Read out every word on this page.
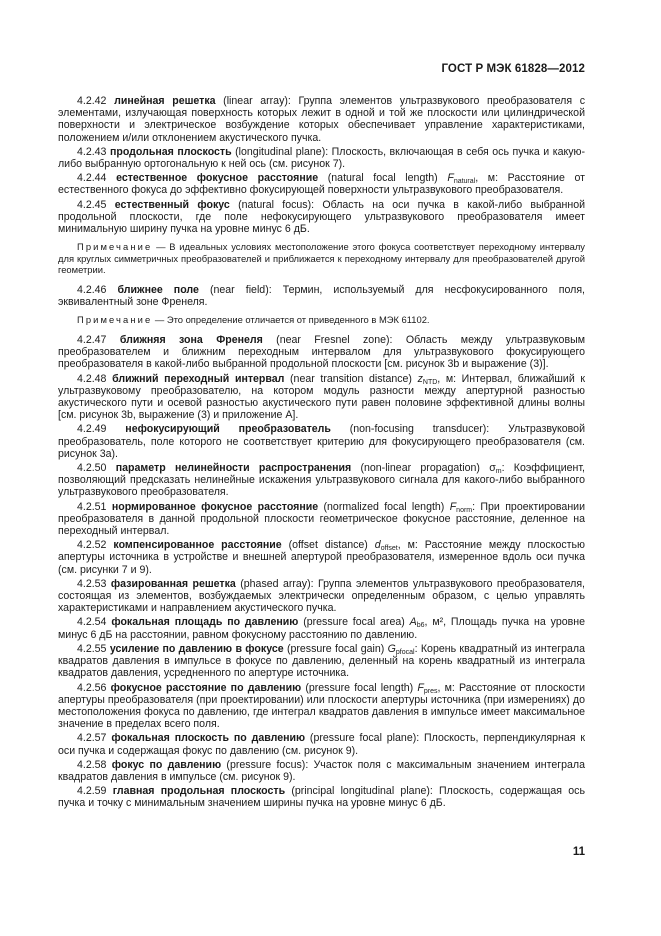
ГОСТ Р МЭК 61828—2012

4.2.42 линейная решетка (linear array): Группа элементов ультразвукового преобразователя с элементами, излучающая поверхность которых лежит в одной и той же плоскости или цилиндрической поверхности и электрическое возбуждение которых обеспечивает управление характеристиками, положением и/или отклонением акустического пучка.

4.2.43 продольная плоскость (longitudinal plane): Плоскость, включающая в себя ось пучка и какую-либо выбранную ортогональную к ней ось (см. рисунок 7).

4.2.44 естественное фокусное расстояние (natural focal length) $F_{natural}$, м: Расстояние от естественного фокуса до эффективно фокусирующей поверхности ультразвукового преобразователя.

4.2.45 естественный фокус (natural focus): Область на оси пучка в какой-либо выбранной продольной плоскости, где поле нефокусирующего ультразвукового преобразователя имеет минимальную ширину пучка на уровне минус 6 дБ.

Примечание — В идеальных условиях местоположение этого фокуса соответствует переходному интервалу для круглых симметричных преобразователей и приближается к переходному интервалу для преобразователей другой геометрии.

4.2.46 ближнее поле (near field): Термин, используемый для несфокусированного поля, эквивалентный зоне Френеля.

Примечание — Это определение отличается от приведенного в МЭК 61102.

4.2.47 ближняя зона Френеля (near Fresnel zone): Область между ультразвуковым преобразователем и ближним переходным интервалом для ультразвукового фокусирующего преобразователя в какой-либо выбранной продольной плоскости [см. рисунок 3b и выражение (3)].

4.2.48 ближний переходный интервал (near transition distance) $z_{NTD}$, м: Интервал, ближайший к ультразвуковому преобразователю, на котором модуль разности между апертурной разностью акустического пути и осевой разностью акустического пути равен половине эффективной длины волны [см. рисунок 3b, выражение (3) и приложение А].

4.2.49 нефокусирующий преобразователь (non-focusing transducer): Ультразвуковой преобразователь, поле которого не соответствует критерию для фокусирующего преобразователя (см. рисунок 3a).

4.2.50 параметр нелинейности распространения (non-linear propagation) $\sigma_m$: Коэффициент, позволяющий предсказать нелинейные искажения ультразвукового сигнала для какого-либо выбранного ультразвукового преобразователя.

4.2.51 нормированное фокусное расстояние (normalized focal length) $F_{norm}$: При проектировании преобразователя в данной продольной плоскости геометрическое фокусное расстояние, деленное на переходный интервал.

4.2.52 компенсированное расстояние (offset distance) $d_{offset}$, м: Расстояние между плоскостью апертуры источника в устройстве и внешней апертурой преобразователя, измеренное вдоль оси пучка (см. рисунки 7 и 9).

4.2.53 фазированная решетка (phased array): Группа элементов ультразвукового преобразователя, состоящая из элементов, возбуждаемых электрически определенным образом, с целью управлять характеристиками и направлением акустического пучка.

4.2.54 фокальная площадь по давлению (pressure focal area) $A_{b6}$, м², Площадь пучка на уровне минус 6 дБ на расстоянии, равном фокусному расстоянию по давлению.

4.2.55 усиление по давлению в фокусе (pressure focal gain) $G_{pfocal}$: Корень квадратный из интеграла квадратов давления в импульсе в фокусе по давлению, деленный на корень квадратный из интеграла квадратов давления, усредненного по апертуре источника.

4.2.56 фокусное расстояние по давлению (pressure focal length) $F_{pres}$, м: Расстояние от плоскости апертуры преобразователя (при проектировании) или плоскости апертуры источника (при измерениях) до местоположения фокуса по давлению, где интеграл квадратов давления в импульсе имеет максимальное значение в пределах всего поля.

4.2.57 фокальная плоскость по давлению (pressure focal plane): Плоскость, перпендикулярная к оси пучка и содержащая фокус по давлению (см. рисунок 9).

4.2.58 фокус по давлению (pressure focus): Участок поля с максимальным значением интеграла квадратов давления в импульсе (см. рисунок 9).

4.2.59 главная продольная плоскость (principal longitudinal plane): Плоскость, содержащая ось пучка и точку с минимальным значением ширины пучка на уровне минус 6 дБ.

11
